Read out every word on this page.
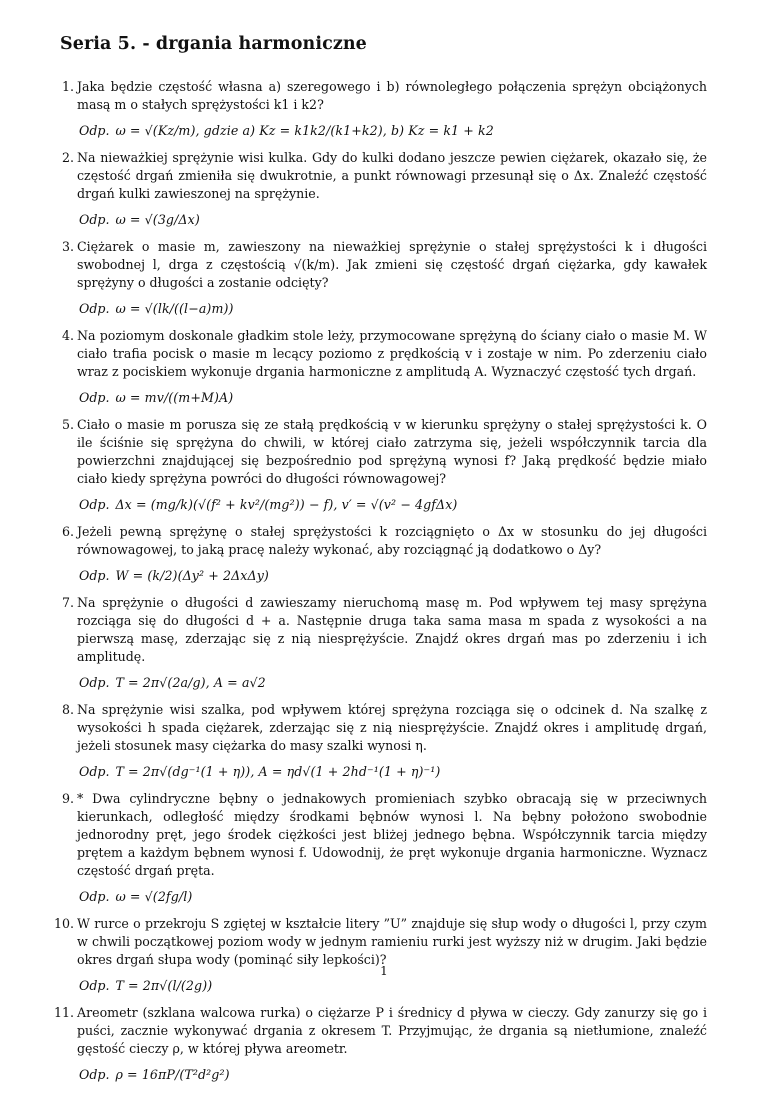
Seria 5. - drgania harmoniczne
1. Jaka będzie częstość własna a) szeregowego i b) równoległego połączenia sprężyn obciążonych masą m o stałych sprężystości k1 i k2?
Odp. ω = √(Kz/m), gdzie a) Kz = k1k2/(k1+k2), b) Kz = k1 + k2
2. Na nieważkiej sprężynie wisi kulka. Gdy do kulki dodano jeszcze pewien ciężarek, okazało się, że częstość drgań zmieniła się dwukrotnie, a punkt równowagi przesunął się o Δx. Znaleźć częstość drgań kulki zawieszonej na sprężynie.
Odp. ω = √(3g/Δx)
3. Ciężarek o masie m, zawieszony na nieważkiej sprężynie o stałej sprężystości k i długości swobodnej l, drga z częstością √(k/m). Jak zmieni się częstość drgań ciężarka, gdy kawałek sprężyny o długości a zostanie odcięty?
Odp. ω = √(lk/((l−a)m))
4. Na poziomym doskonale gładkim stole leży, przymocowane sprężyną do ściany ciało o masie M. W ciało trafia pocisk o masie m lecący poziomo z prędkością v i zostaje w nim. Po zderzeniu ciało wraz z pociskiem wykonuje drgania harmoniczne z amplitudą A. Wyznaczyć częstość tych drgań.
Odp. ω = mv/((m+M)A)
5. Ciało o masie m porusza się ze stałą prędkością v w kierunku sprężyny o stałej sprężystości k. O ile ściśnie się sprężyna do chwili, w której ciało zatrzyma się, jeżeli współczynnik tarcia dla powierzchni znajdującej się bezpośrednio pod sprężyną wynosi f? Jaką prędkość będzie miało ciało kiedy sprężyna powróci do długości równowagowej?
Odp. Δx = (mg/k)(√(f² + kv²/(mg²)) − f), v′ = √(v² − 4gfΔx)
6. Jeżeli pewną sprężynę o stałej sprężystości k rozciągnięto o Δx w stosunku do jej długości równowagowej, to jaką pracę należy wykonać, aby rozciągnąć ją dodatkowo o Δy?
Odp. W = (k/2)(Δy² + 2ΔxΔy)
7. Na sprężynie o długości d zawieszamy nieruchomą masę m. Pod wpływem tej masy sprężyna rozciąga się do długości d + a. Następnie druga taka sama masa m spada z wysokości a na pierwszą masę, zderzając się z nią niesprężyście. Znajdź okres drgań mas po zderzeniu i ich amplitudę.
Odp. T = 2π√(2a/g), A = a√2
8. Na sprężynie wisi szalka, pod wpływem której sprężyna rozciąga się o odcinek d. Na szalkę z wysokości h spada ciężarek, zderzając się z nią niesprężyście. Znajdź okres i amplitudę drgań, jeżeli stosunek masy ciężarka do masy szalki wynosi η.
Odp. T = 2π√(dg⁻¹(1 + η)), A = ηd√(1 + 2hd⁻¹(1 + η)⁻¹)
9. * Dwa cylindryczne bębny o jednakowych promieniach szybko obracają się w przeciwnych kierunkach, odległość między środkami bębnów wynosi l. Na bębny położono swobodnie jednorodny pręt, jego środek ciężkości jest bliżej jednego bębna. Współczynnik tarcia między prętem a każdym bębnem wynosi f. Udowodnij, że pręt wykonuje drgania harmoniczne. Wyznacz częstość drgań pręta.
Odp. ω = √(2fg/l)
10. W rurce o przekroju S zgiętej w kształcie litery ”U” znajduje się słup wody o długości l, przy czym w chwili początkowej poziom wody w jednym ramieniu rurki jest wyższy niż w drugim. Jaki będzie okres drgań słupa wody (pominąć siły lepkości)?
Odp. T = 2π√(l/(2g))
11. Areometr (szklana walcowa rurka) o ciężarze P i średnicy d pływa w cieczy. Gdy zanurzy się go i puści, zacznie wykonywać drgania z okresem T. Przyjmując, że drgania są nietłumione, znaleźć gęstość cieczy ρ, w której pływa areometr.
Odp. ρ = 16πP/(T²d²g²)
1
